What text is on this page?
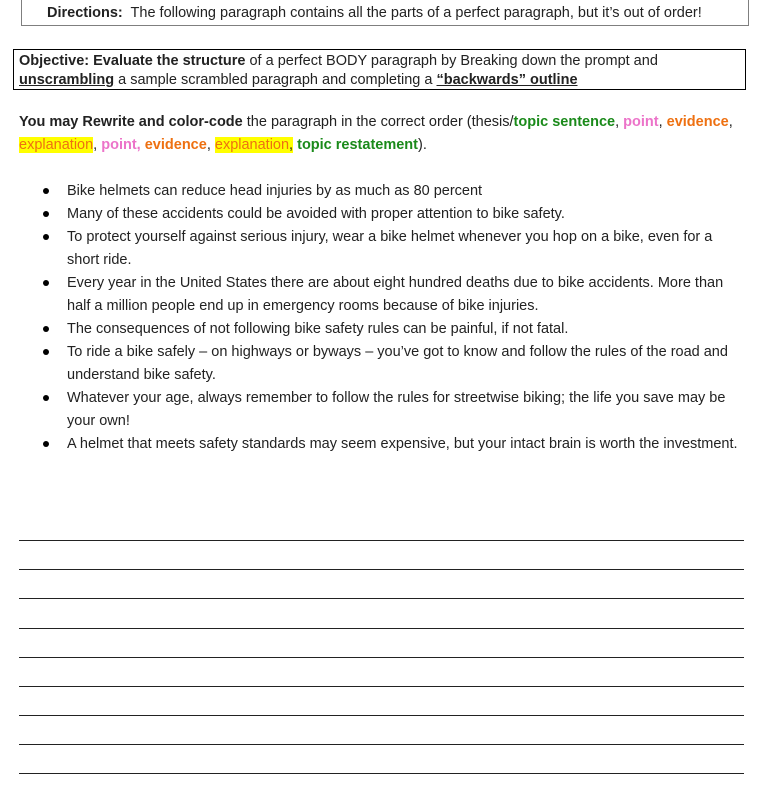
Directions: The following paragraph contains all the parts of a perfect paragraph, but it’s out of order!
Objective: Evaluate the structure of a perfect BODY paragraph by Breaking down the prompt and
unscrambling a sample scrambled paragraph and completing a “backwards” outline
You may Rewrite and color-code the paragraph in the correct order (thesis/topic sentence, point, evidence,
explanation, point, evidence, explanation, topic restatement).
Bike helmets can reduce head injuries by as much as 80 percent
Many of these accidents could be avoided with proper attention to bike safety.
To protect yourself against serious injury, wear a bike helmet whenever you hop on a bike, even for a short ride.
Every year in the United States there are about eight hundred deaths due to bike accidents. More than half a million people end up in emergency rooms because of bike injuries.
The consequences of not following bike safety rules can be painful, if not fatal.
To ride a bike safely – on highways or byways – you’ve got to know and follow the rules of the road and understand bike safety.
Whatever your age, always remember to follow the rules for streetwise biking; the life you save may be your own!
A helmet that meets safety standards may seem expensive, but your intact brain is worth the investment.
